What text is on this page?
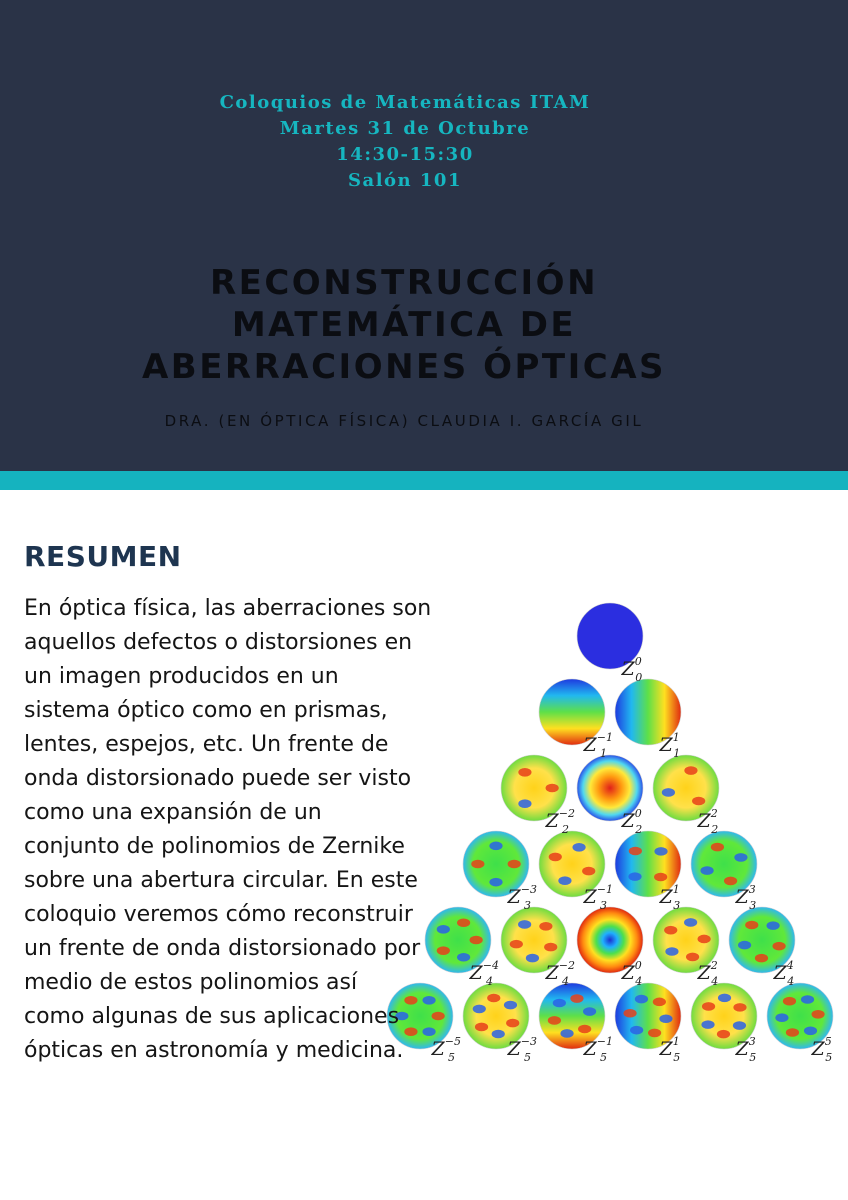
Coloquios de Matemáticas ITAM
Martes 31 de Octubre
14:30-15:30
Salón 101
RECONSTRUCCIÓN
MATEMÁTICA DE
ABERRACIONES ÓPTICAS
DRA. (EN ÓPTICA FÍSICA) CLAUDIA I. GARCÍA GIL
RESUMEN
$Z^0$ 0
$Z^{-1}$ 1	$Z^1$ 1
$Z^{-2}$ 2	$Z^0$ 2	$Z^2$ 2
$Z^{-3}$ 3	$Z^{-1}$ 3	$Z^1$ 3	$Z^3$ 3
$Z^{-4}$ 4	$Z^{-2}$ 4	$Z^0$ 4	$Z^2$ 4	$Z^4$ 4
$Z^{-5}$ 5	$Z^{-3}$ 5	$Z^{-1}$ 5	$Z^1$ 5	$Z^3$ 5	$Z^5$ 5
En óptica física, las aberraciones son
aquellos defectos o distorsiones en
un imagen producidos en un
sistema óptico como en prismas,
lentes, espejos, etc. Un frente de
onda distorsionado puede ser visto
como una expansión de un
conjunto de polinomios de Zernike
sobre una abertura circular. En este
coloquio veremos cómo reconstruir
un frente de onda distorsionado por
medio de estos polinomios así
como algunas de sus aplicaciones
ópticas en astronomía y medicina.
